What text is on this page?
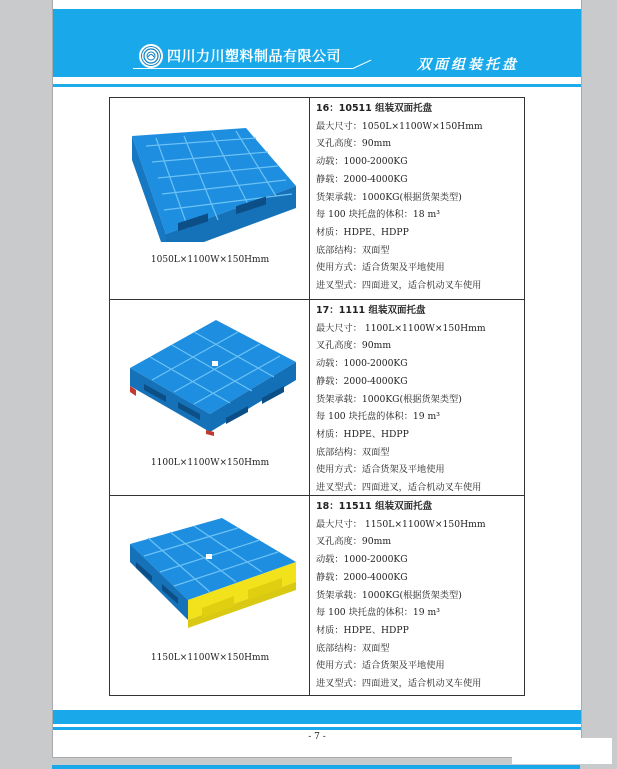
四川力川塑料制品有限公司	双面组装托盘
1050L×1100W×150Hmm
16：10511 组装双面托盘
最大尺寸：1050L×1100W×150Hmm
叉孔高度：90mm
动载：1000-2000KG
静载：2000-4000KG
货架承载：1000KG(根据货架类型)
每 100 块托盘的体积：18 m³
材质：HDPE、HDPP
底部结构：双面型
使用方式：适合货架及平地使用
进叉型式：四面进叉，适合机动叉车使用
1100L×1100W×150Hmm
17：1111 组装双面托盘
最大尺寸： 1100L×1100W×150Hmm
叉孔高度：90mm
动载：1000-2000KG
静载：2000-4000KG
货架承载：1000KG(根据货架类型)
每 100 块托盘的体积：19 m³
材质：HDPE、HDPP
底部结构：双面型
使用方式：适合货架及平地使用
进叉型式：四面进叉，适合机动叉车使用
1150L×1100W×150Hmm
18：11511 组装双面托盘
最大尺寸： 1150L×1100W×150Hmm
叉孔高度：90mm
动载：1000-2000KG
静载：2000-4000KG
货架承载：1000KG(根据货架类型)
每 100 块托盘的体积：19 m³
材质：HDPE、HDPP
底部结构：双面型
使用方式：适合货架及平地使用
进叉型式：四面进叉，适合机动叉车使用
- 7 -
